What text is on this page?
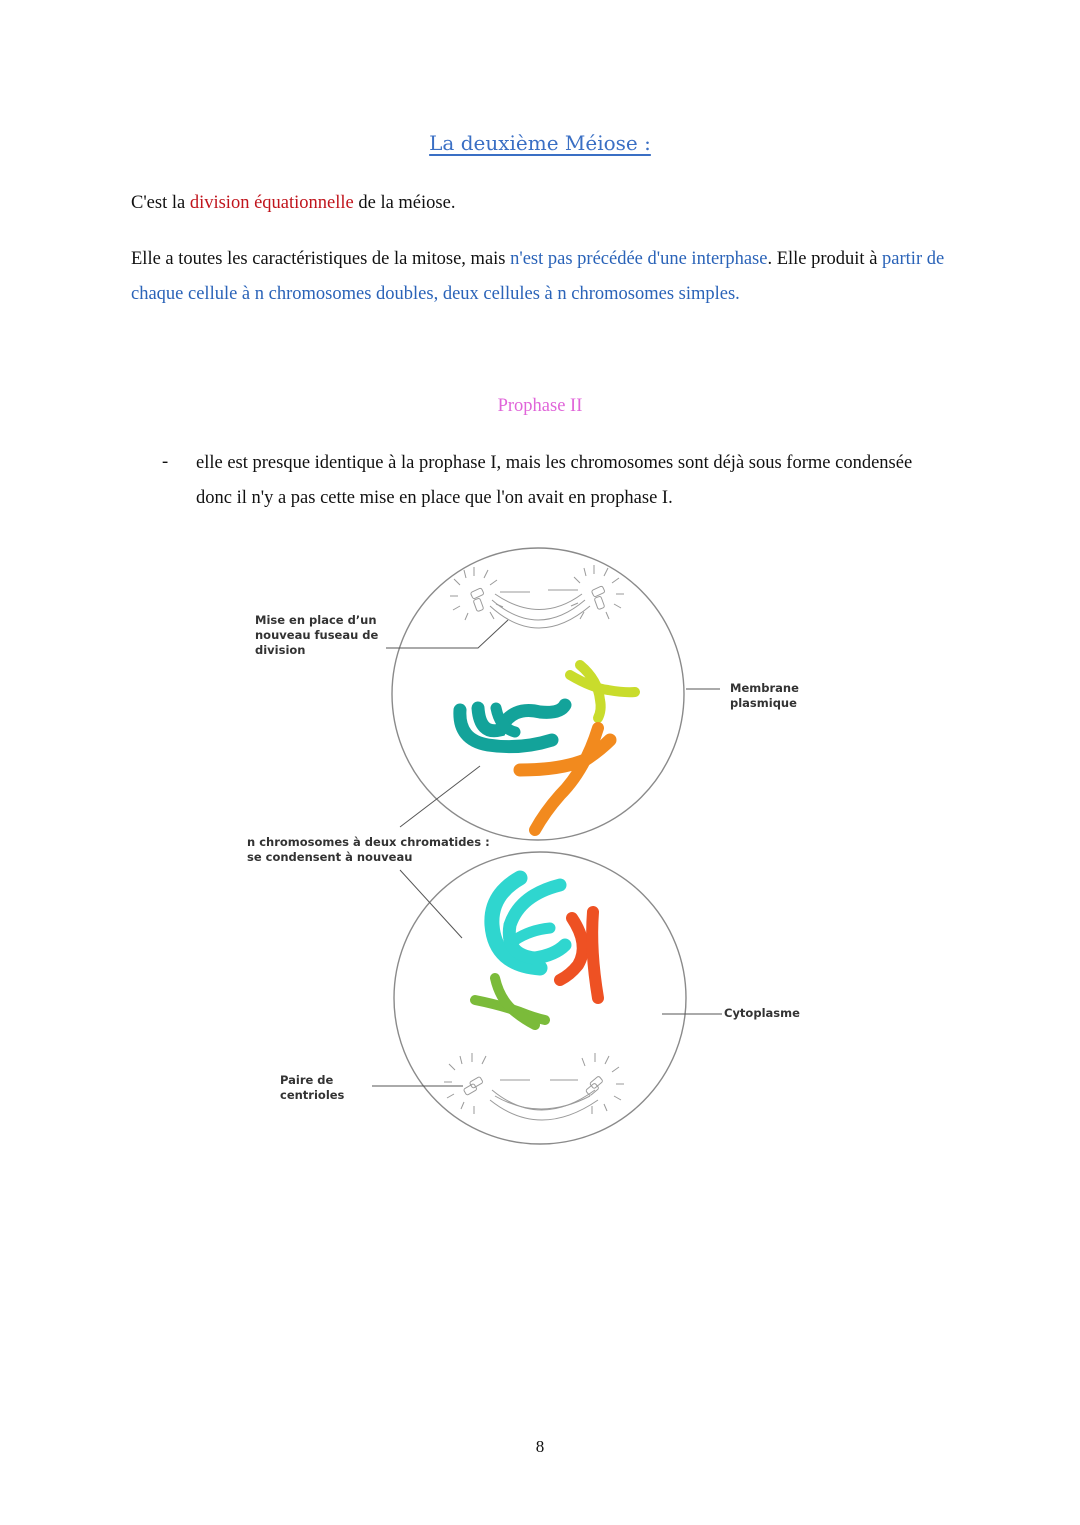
La deuxième Méiose :
C'est la division équationnelle de la méiose.
Elle a toutes les caractéristiques de la mitose, mais n'est pas précédée d'une interphase. Elle produit à partir de chaque cellule à n chromosomes doubles, deux cellules à n chromosomes simples.
Prophase II
- elle est presque identique à la prophase I, mais les chromosomes sont déjà sous forme condensée donc il n'y a pas cette mise en place que l'on avait en prophase I.
Mise en place d’un
nouveau fuseau de
division
Membrane
plasmique
n chromosomes à deux chromatides :
se condensent à nouveau
Cytoplasme
Paire de
centrioles
8
